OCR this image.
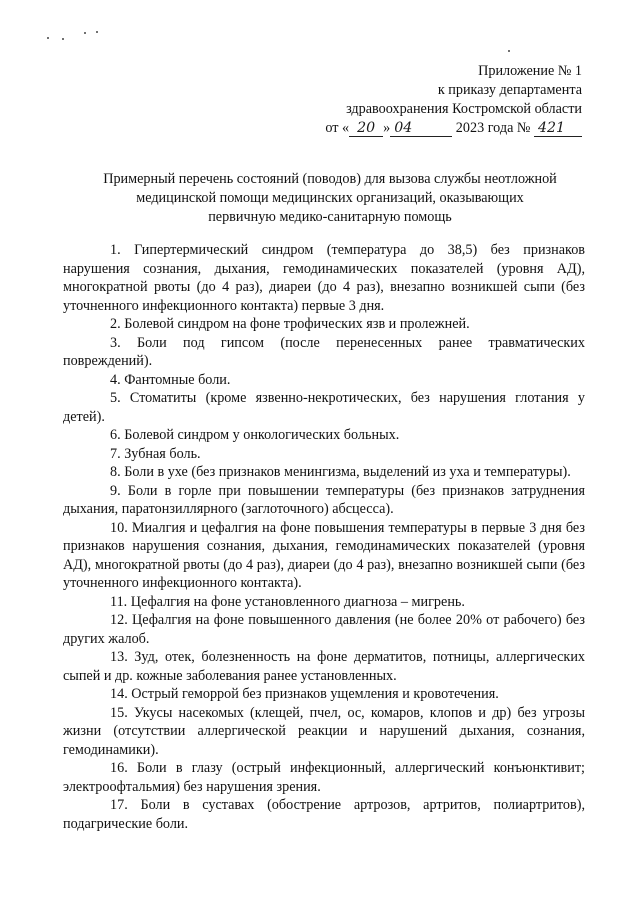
Приложение № 1
к приказу департамента
здравоохранения Костромской области
от « 20 » 04	2023 года № 421
Примерный перечень состояний (поводов) для вызова службы неотложной
медицинской помощи медицинских организаций, оказывающих
первичную медико-санитарную помощь

1. Гипертермический синдром (температура до 38,5) без признаков нарушения сознания, дыхания, гемодинамических показателей (уровня АД), многократной рвоты (до 4 раз), диареи (до 4 раз), внезапно возникшей сыпи (без уточненного инфекционного контакта) первые 3 дня.

2. Болевой синдром на фоне трофических язв и пролежней.

3. Боли под гипсом (после перенесенных ранее травматических повреждений).

4. Фантомные боли.

5. Стоматиты (кроме язвенно-некротических, без нарушения глотания у детей).

6. Болевой синдром у онкологических больных.

7. Зубная боль.

8. Боли в ухе (без признаков менингизма, выделений из уха и температуры).

9. Боли в горле при повышении температуры (без признаков затруднения дыхания, паратонзиллярного (заглоточного) абсцесса).

10. Миалгия и цефалгия на фоне повышения температуры в первые 3 дня без признаков нарушения сознания, дыхания, гемодинамических показателей (уровня АД), многократной рвоты (до 4 раз), диареи (до 4 раз), внезапно возникшей сыпи (без уточненного инфекционного контакта).

11. Цефалгия на фоне установленного диагноза – мигрень.

12. Цефалгия на фоне повышенного давления (не более 20% от рабочего) без других жалоб.

13. Зуд, отек, болезненность на фоне дерматитов, потницы, аллергических сыпей и др. кожные заболевания ранее установленных.

14. Острый геморрой без признаков ущемления и кровотечения.

15. Укусы насекомых (клещей, пчел, ос, комаров, клопов и др) без угрозы жизни (отсутствии аллергической реакции и нарушений дыхания, сознания, гемодинамики).

16. Боли в глазу (острый инфекционный, аллергический конъюнктивит; электроофтальмия) без нарушения зрения.

17. Боли в суставах (обострение артрозов, артритов, полиартритов), подагрические боли.
